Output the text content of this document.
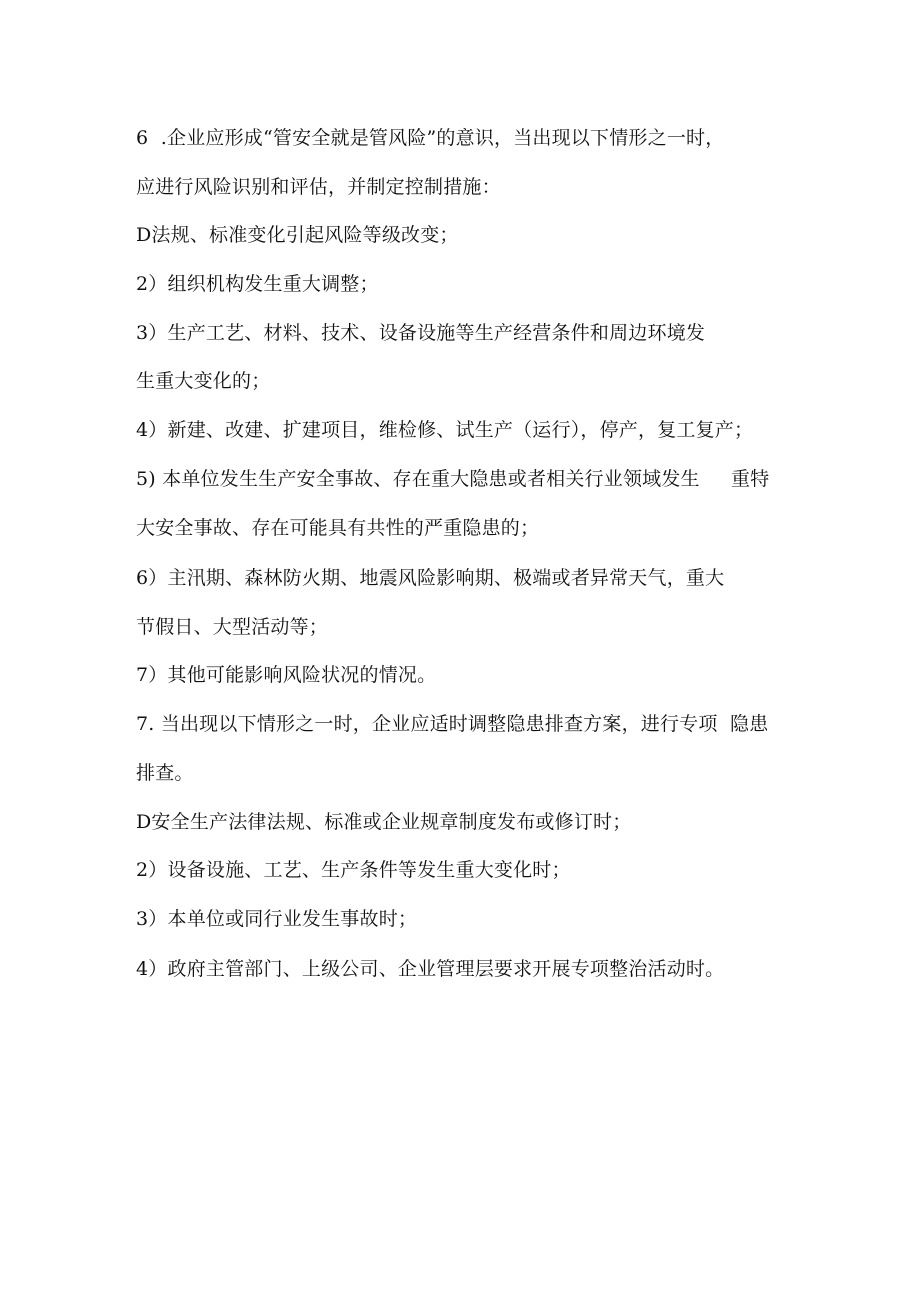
6  .企业应形成“管安全就是管风险”的意识，当出现以下情形之一时，
应进行风险识别和评估，并制定控制措施：
D法规、标准变化引起风险等级改变；
2）组织机构发生重大调整；
3）生产工艺、材料、技术、设备设施等生产经营条件和周边环境发
生重大变化的；
4）新建、改建、扩建项目，维检修、试生产（运行），停产，复工复产；
5) 本单位发生生产安全事故、存在重大隐患或者相关行业领域发生     重特
大安全事故、存在可能具有共性的严重隐患的；
6）主汛期、森林防火期、地震风险影响期、极端或者异常天气，重大
节假日、大型活动等；
7）其他可能影响风险状况的情况。
7. 当出现以下情形之一时，企业应适时调整隐患排查方案，进行专项  隐患
排查。
D安全生产法律法规、标准或企业规章制度发布或修订时；
2）设备设施、工艺、生产条件等发生重大变化时；
3）本单位或同行业发生事故时；
4）政府主管部门、上级公司、企业管理层要求开展专项整治活动时。
